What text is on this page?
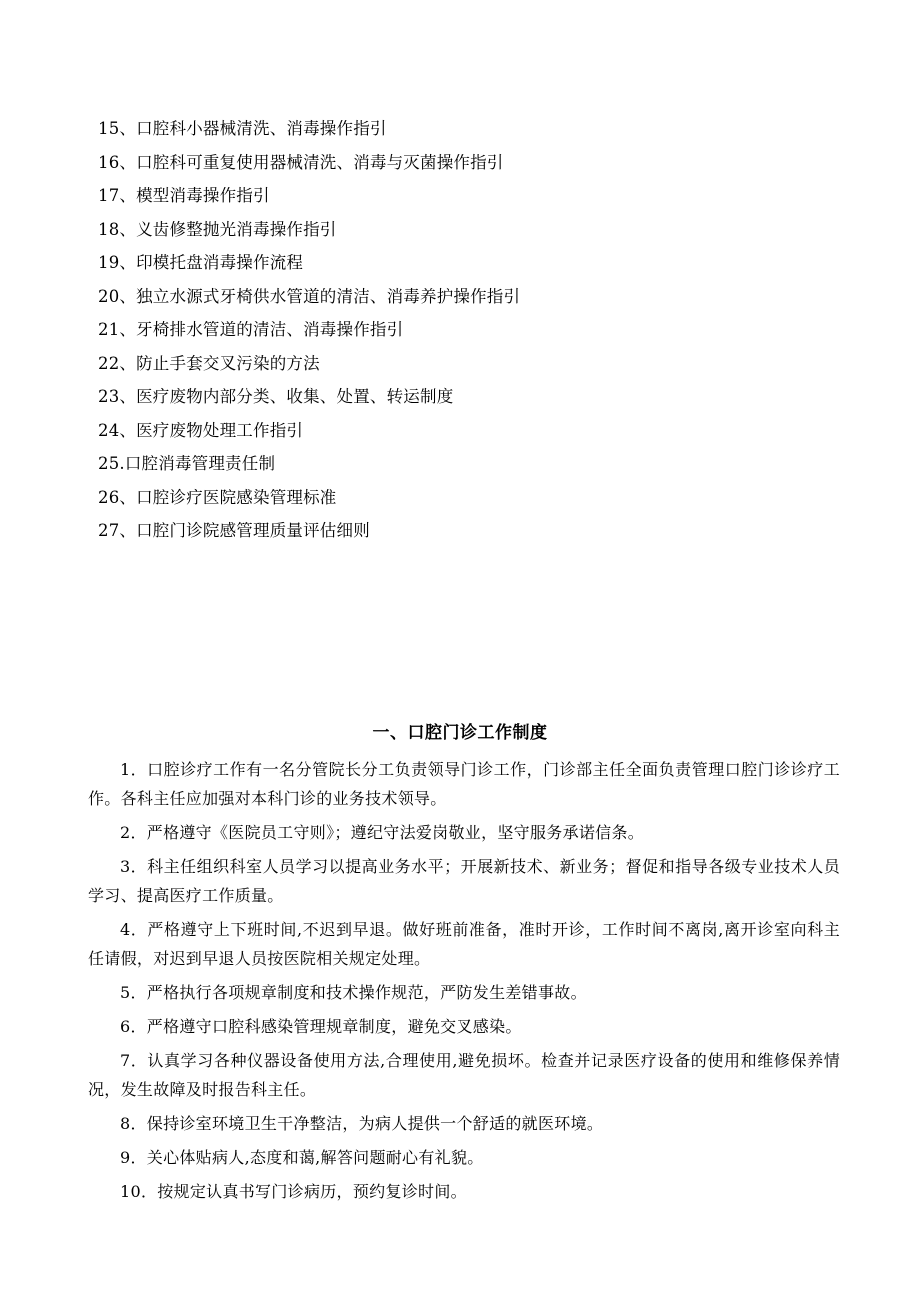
15、口腔科小器械清洗、消毒操作指引
16、口腔科可重复使用器械清洗、消毒与灭菌操作指引
17、模型消毒操作指引
18、义齿修整抛光消毒操作指引
19、印模托盘消毒操作流程
20、独立水源式牙椅供水管道的清洁、消毒养护操作指引
21、牙椅排水管道的清洁、消毒操作指引
22、防止手套交叉污染的方法
23、医疗废物内部分类、收集、处置、转运制度
24、医疗废物处理工作指引
25.口腔消毒管理责任制
26、口腔诊疗医院感染管理标准
27、口腔门诊院感管理质量评估细则
一、口腔门诊工作制度

1．口腔诊疗工作有一名分管院长分工负责领导门诊工作，门诊部主任全面负责管理口腔门诊诊疗工作。各科主任应加强对本科门诊的业务技术领导。

2．严格遵守《医院员工守则》；遵纪守法爱岗敬业，坚守服务承诺信条。

3．科主任组织科室人员学习以提高业务水平；开展新技术、新业务；督促和指导各级专业技术人员学习、提高医疗工作质量。

4．严格遵守上下班时间,不迟到早退。做好班前准备，准时开诊，工作时间不离岗,离开诊室向科主任请假，对迟到早退人员按医院相关规定处理。

5．严格执行各项规章制度和技术操作规范，严防发生差错事故。

6．严格遵守口腔科感染管理规章制度，避免交叉感染。

7．认真学习各种仪器设备使用方法,合理使用,避免损坏。检查并记录医疗设备的使用和维修保养情况，发生故障及时报告科主任。

8．保持诊室环境卫生干净整洁，为病人提供一个舒适的就医环境。

9．关心体贴病人,态度和蔼,解答问题耐心有礼貌。

10．按规定认真书写门诊病历，预约复诊时间。
